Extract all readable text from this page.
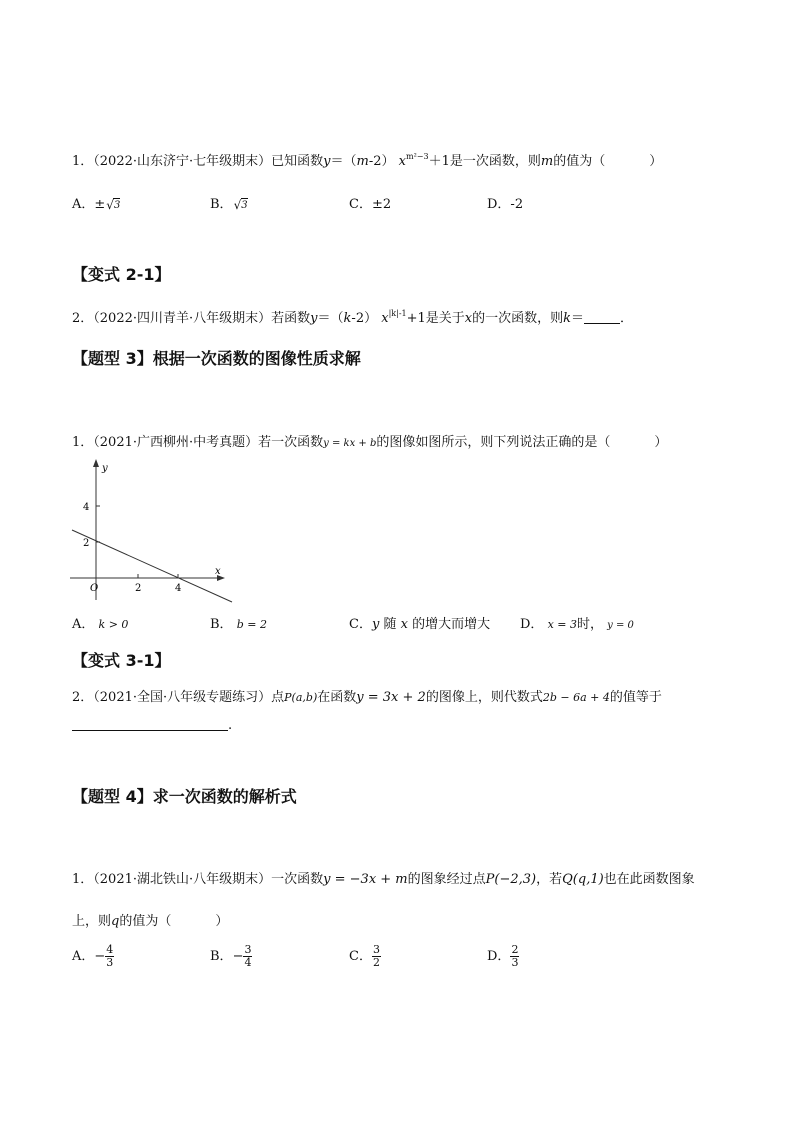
1．（2022·山东济宁·七年级期末）已知函数y＝（m-2） $x^{m^2-3}+1$是一次函数，则m的值为（	）
A．± √ 3	B． √ 3	C．±2	D．-2
【变式 2-1】
2．（2022·四川青羊·八年级期末）若函数y＝（k-2） $x^{|k|-1}+1$是关于x的一次函数，则k＝	．
【题型 3】根据一次函数的图像性质求解
1．（2021·广西柳州·中考真题）若一次函数y = kx + b的图像如图所示，则下列说法正确的是（	）
y
x
4
2
O	2	4
A． k > 0	B． b = 2	C．y 随 x 的增大而增大 D． x = 3时， y = 0
【变式 3-1】
2．（2021·全国·八年级专题练习）点P(a,b)在函数y = 3x + 2的图像上，则代数式2b − 6a + 4的值等于
.
【题型 4】求一次函数的解析式
1．（2021·湖北铁山·八年级期末）一次函数y = −3x + m的图象经过点P(−2,3)，若Q(q,1)也在此函数图象
上，则q的值为（	）
A．− $\frac{4}{3}$	B．− $\frac{3}{4}$	C． $\frac{3}{2}$	D． $\frac{2}{3}$
